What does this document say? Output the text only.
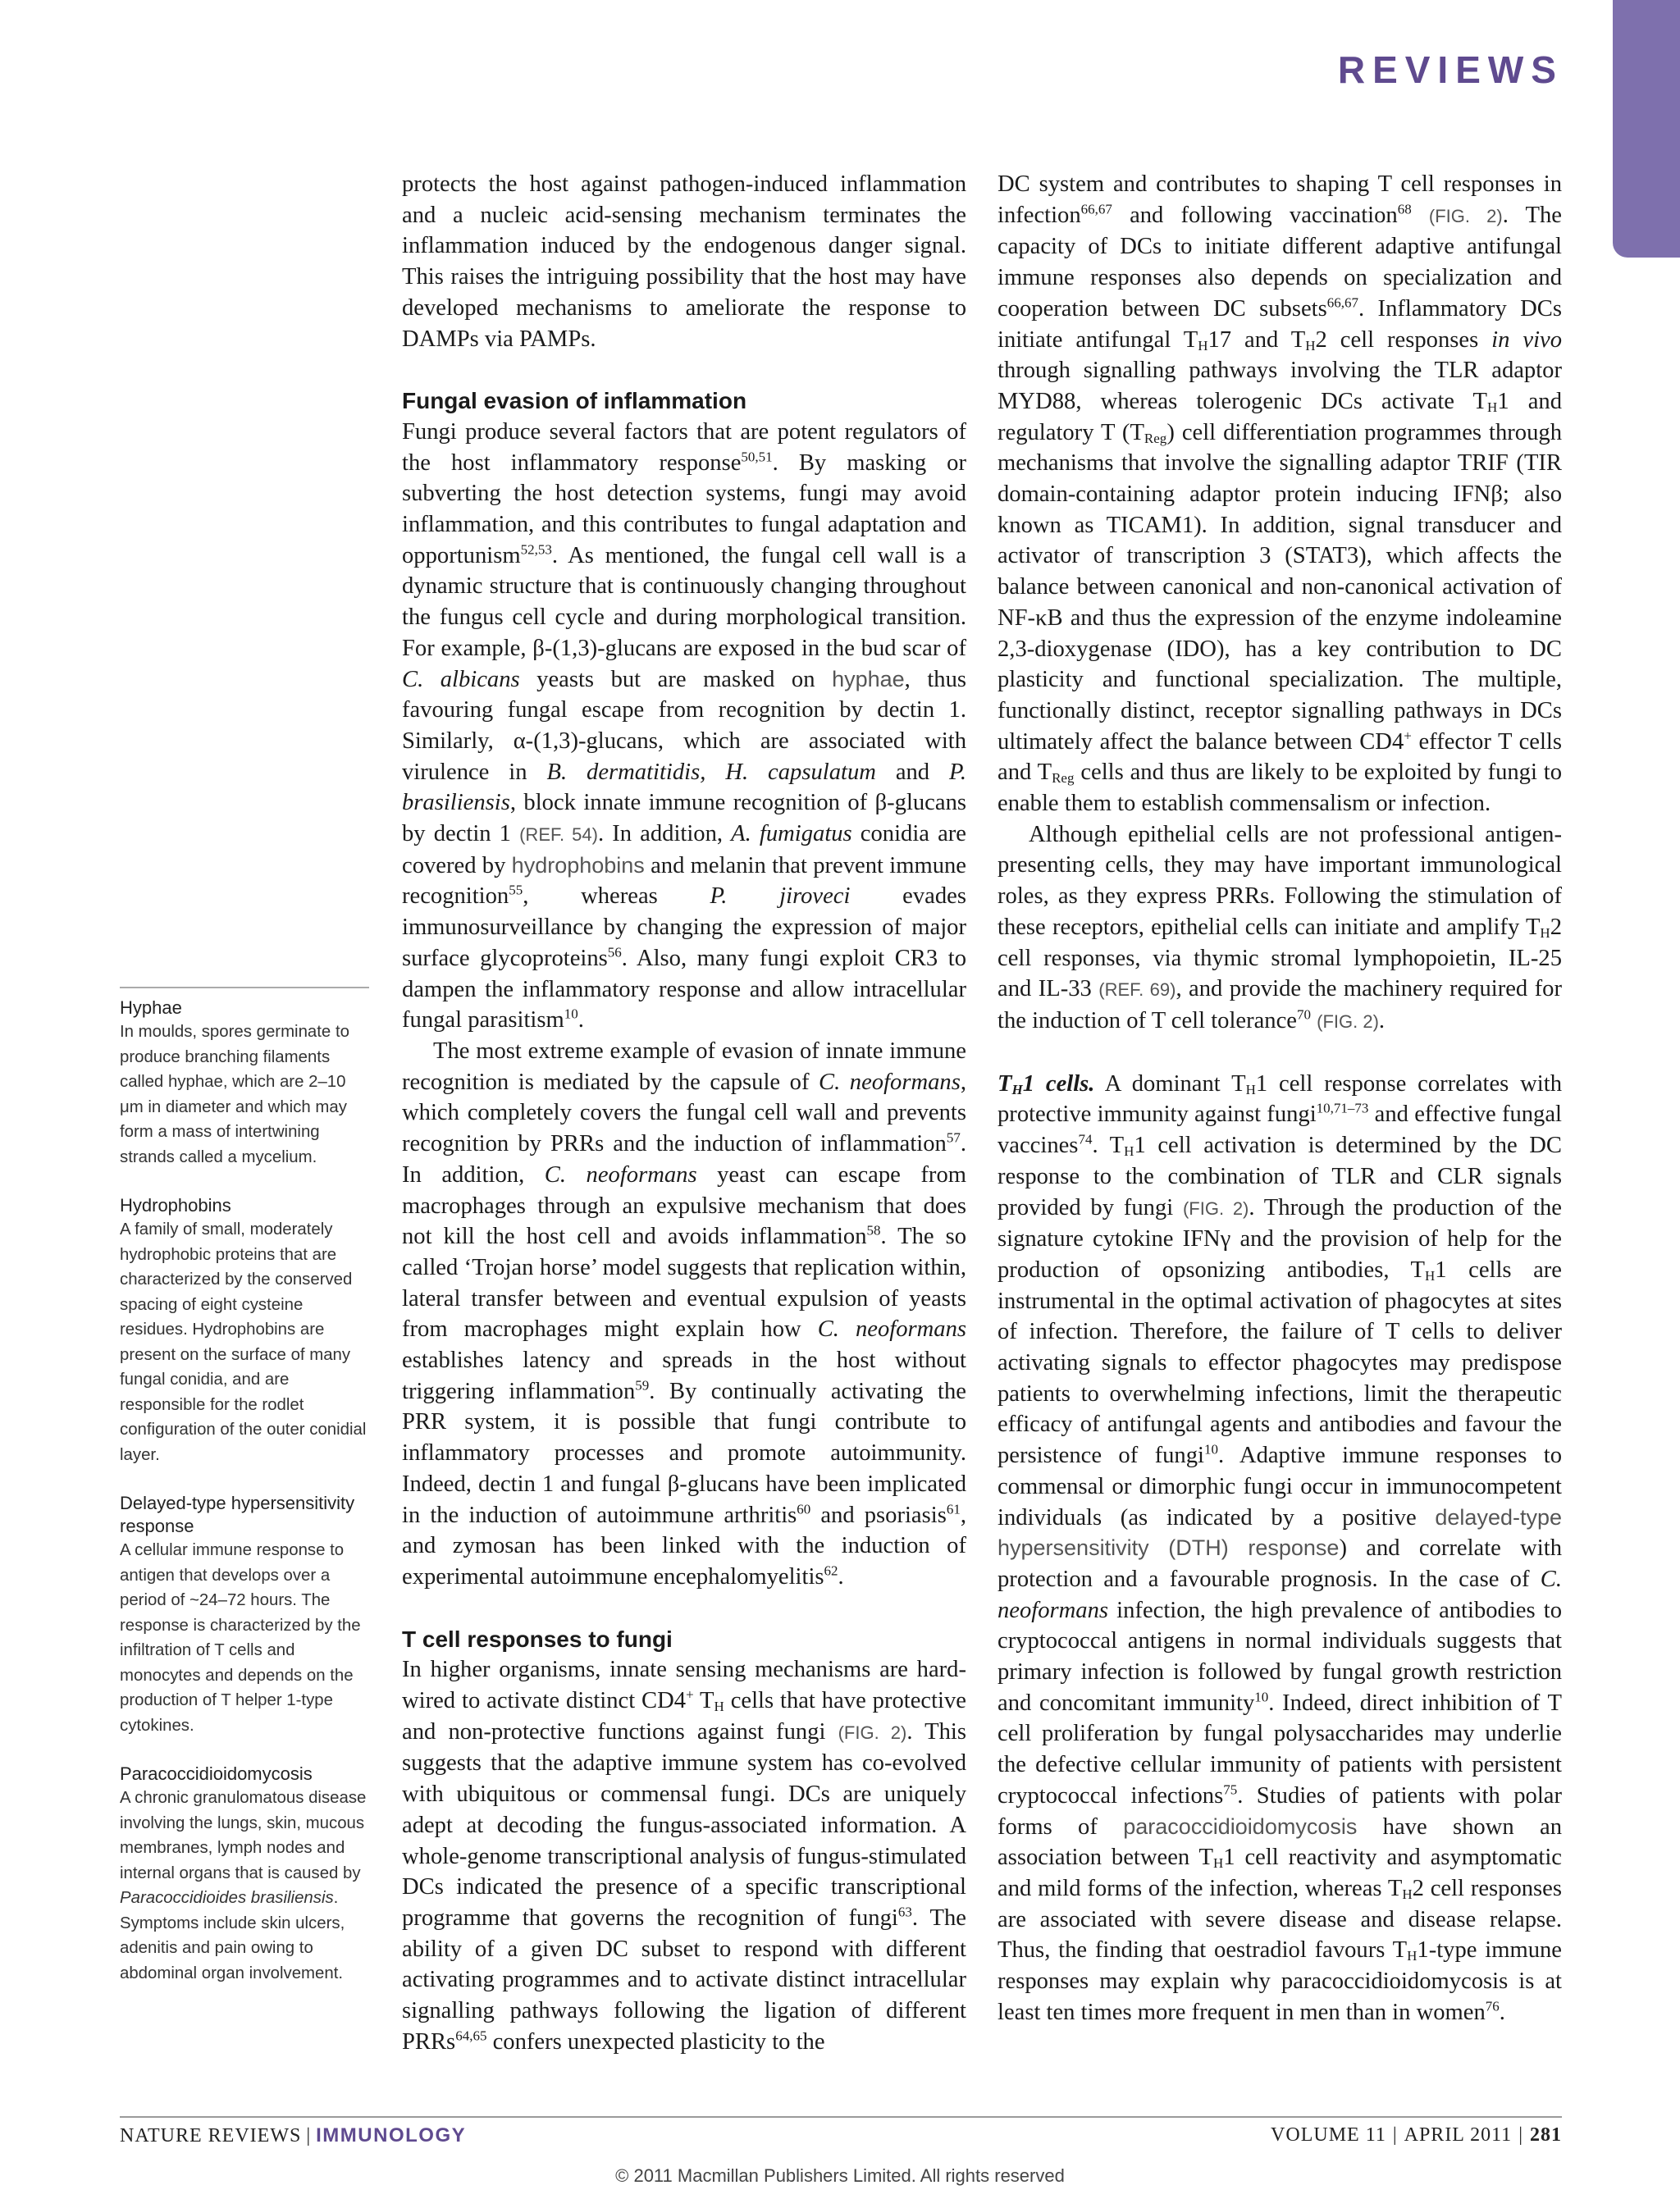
REVIEWS

protects the host against pathogen-induced inflammation and a nucleic acid-sensing mechanism terminates the inflammation induced by the endogenous danger signal. This raises the intriguing possibility that the host may have developed mechanisms to ameliorate the response to DAMPs via PAMPs.

Fungal evasion of inflammation

Fungi produce several factors that are potent regulators of the host inflammatory response$^{50,51}$. By masking or subverting the host detection systems, fungi may avoid inflammation, and this contributes to fungal adaptation and opportunism$^{52,53}$. As mentioned, the fungal cell wall is a dynamic structure that is continuously changing throughout the fungus cell cycle and during morphological transition. For example, β-(1,3)-glucans are exposed in the bud scar of C. albicans yeasts but are masked on hyphae, thus favouring fungal escape from recognition by dectin 1. Similarly, α-(1,3)-glucans, which are associated with virulence in B. dermatitidis, H. capsulatum and P. brasiliensis, block innate immune recognition of β-glucans by dectin 1 (REF. 54). In addition, A. fumigatus conidia are covered by hydrophobins and melanin that prevent immune recognition$^{55}$, whereas P. jiroveci evades immunosurveillance by changing the expression of major surface glycoproteins$^{56}$. Also, many fungi exploit CR3 to dampen the inflammatory response and allow intracellular fungal parasitism$^{10}$.

The most extreme example of evasion of innate immune recognition is mediated by the capsule of C. neoformans, which completely covers the fungal cell wall and prevents recognition by PRRs and the induction of inflammation$^{57}$. In addition, C. neoformans yeast can escape from macrophages through an expulsive mechanism that does not kill the host cell and avoids inflammation$^{58}$. The so called ‘Trojan horse’ model suggests that replication within, lateral transfer between and eventual expulsion of yeasts from macrophages might explain how C. neoformans establishes latency and spreads in the host without triggering inflammation$^{59}$. By continually activating the PRR system, it is possible that fungi contribute to inflammatory processes and promote autoimmunity. Indeed, dectin 1 and fungal β-glucans have been implicated in the induction of autoimmune arthritis$^{60}$ and psoriasis$^{61}$, and zymosan has been linked with the induction of experimental autoimmune encephalomyelitis$^{62}$.

T cell responses to fungi

In higher organisms, innate sensing mechanisms are hard-wired to activate distinct CD4+ $T_H$ cells that have protective and non-protective functions against fungi (FIG. 2). This suggests that the adaptive immune system has co-evolved with ubiquitous or commensal fungi. DCs are uniquely adept at decoding the fungus-associated information. A whole-genome transcriptional analysis of fungus-stimulated DCs indicated the presence of a specific transcriptional programme that governs the recognition of fungi$^{63}$. The ability of a given DC subset to respond with different activating programmes and to activate distinct intracellular signalling pathways following the ligation of different PRRs$^{64,65}$ confers unexpected plasticity to the

DC system and contributes to shaping T cell responses in infection$^{66,67}$ and following vaccination$^{68}$ (FIG. 2). The capacity of DCs to initiate different adaptive antifungal immune responses also depends on specialization and cooperation between DC subsets$^{66,67}$. Inflammatory DCs initiate antifungal $T_H17$ and $T_H2$ cell responses in vivo through signalling pathways involving the TLR adaptor MYD88, whereas tolerogenic DCs activate $T_H1$ and regulatory T $(T_{Reg})$ cell differentiation programmes through mechanisms that involve the signalling adaptor TRIF (TIR domain-containing adaptor protein inducing IFNβ; also known as TICAM1). In addition, signal transducer and activator of transcription 3 (STAT3), which affects the balance between canonical and non-canonical activation of NF-κB and thus the expression of the enzyme indoleamine 2,3-dioxygenase (IDO), has a key contribution to DC plasticity and functional specialization. The multiple, functionally distinct, receptor signalling pathways in DCs ultimately affect the balance between CD4+ effector T cells and $T_{Reg}$ cells and thus are likely to be exploited by fungi to enable them to establish commensalism or infection.

Although epithelial cells are not professional antigen-presenting cells, they may have important immunological roles, as they express PRRs. Following the stimulation of these receptors, epithelial cells can initiate and amplify $T_H2$ cell responses, via thymic stromal lymphopoietin, IL-25 and IL-33 (REF. 69), and provide the machinery required for the induction of T cell tolerance$^{70}$ (FIG. 2).

$T_H1$ cells. A dominant $T_H1$ cell response correlates with protective immunity against fungi$^{10,71-73}$ and effective fungal vaccines$^{74}$. $T_H1$ cell activation is determined by the DC response to the combination of TLR and CLR signals provided by fungi (FIG. 2). Through the production of the signature cytokine IFNγ and the provision of help for the production of opsonizing antibodies, $T_H1$ cells are instrumental in the optimal activation of phagocytes at sites of infection. Therefore, the failure of T cells to deliver activating signals to effector phagocytes may predispose patients to overwhelming infections, limit the therapeutic efficacy of antifungal agents and antibodies and favour the persistence of fungi$^{10}$. Adaptive immune responses to commensal or dimorphic fungi occur in immunocompetent individuals (as indicated by a positive delayed-type hypersensitivity (DTH) response) and correlate with protection and a favourable prognosis. In the case of C. neoformans infection, the high prevalence of antibodies to cryptococcal antigens in normal individuals suggests that primary infection is followed by fungal growth restriction and concomitant immunity$^{10}$. Indeed, direct inhibition of T cell proliferation by fungal polysaccharides may underlie the defective cellular immunity of patients with persistent cryptococcal infections$^{75}$. Studies of patients with polar forms of paracoccidioidomycosis have shown an association between $T_H1$ cell reactivity and asymptomatic and mild forms of the infection, whereas $T_H2$ cell responses are associated with severe disease and disease relapse. Thus, the finding that oestradiol favours $T_H1$-type immune responses may explain why paracoccidioidomycosis is at least ten times more frequent in men than in women$^{76}$.

Hyphae

In moulds, spores germinate to produce branching filaments called hyphae, which are 2–10 μm in diameter and which may form a mass of intertwining strands called a mycelium.

Hydrophobins

A family of small, moderately hydrophobic proteins that are characterized by the conserved spacing of eight cysteine residues. Hydrophobins are present on the surface of many fungal conidia, and are responsible for the rodlet configuration of the outer conidial layer.

Delayed-type hypersensitivity response

A cellular immune response to antigen that develops over a period of ~24–72 hours. The response is characterized by the infiltration of T cells and monocytes and depends on the production of T helper 1-type cytokines.

Paracoccidioidomycosis

A chronic granulomatous disease involving the lungs, skin, mucous membranes, lymph nodes and internal organs that is caused by Paracoccidioides brasiliensis. Symptoms include skin ulcers, adenitis and pain owing to abdominal organ involvement.

NATURE REVIEWS | IMMUNOLOGY	VOLUME 11 | APRIL 2011 | 281
© 2011 Macmillan Publishers Limited. All rights reserved
